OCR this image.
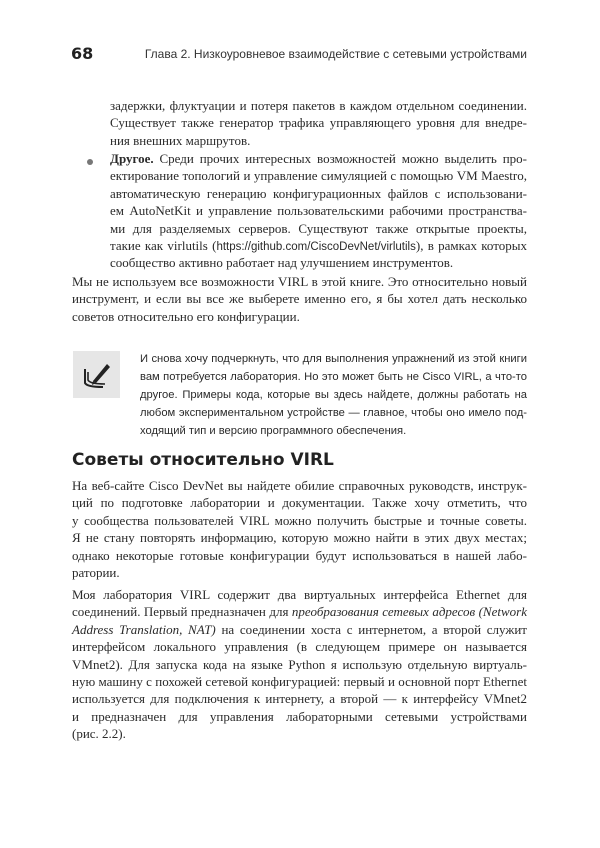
68	Глава 2. Низкоуровневое взаимодействие с сетевыми устройствами
задержки, флуктуации и потеря пакетов в каждом отдельном соединении.
Существует также генератор трафика управляющего уровня для внедре-
ния внешних маршрутов.
Другое. Среди прочих интересных возможностей можно выделить про-
ектирование топологий и управление симуляцией с помощью VM Maestro,
автоматическую генерацию конфигурационных файлов с использовани-
ем AutoNetKit и управление пользовательскими рабочими пространства-
ми для разделяемых серверов. Существуют также открытые проекты,
такие как virlutils (https://github.com/CiscoDevNet/virlutils), в рамках которых
сообщество активно работает над улучшением инструментов.
Мы не используем все возможности VIRL в этой книге. Это относительно новый
инструмент, и если вы все же выберете именно его, я бы хотел дать несколько
советов относительно его конфигурации.
И снова хочу подчеркнуть, что для выполнения упражнений из этой книги
вам потребуется лаборатория. Но это может быть не Cisco VIRL, а что-то
другое. Примеры кода, которые вы здесь найдете, должны работать на
любом экспериментальном устройстве — главное, чтобы оно имело под-
ходящий тип и версию программного обеспечения.
Советы относительно VIRL
На веб-сайте Cisco DevNet вы найдете обилие справочных руководств, инструк-
ций по подготовке лаборатории и документации. Также хочу отметить, что
у сообщества пользователей VIRL можно получить быстрые и точные советы.
Я не стану повторять информацию, которую можно найти в этих двух местах;
однако некоторые готовые конфигурации будут использоваться в нашей лабо-
ратории.
Моя лаборатория VIRL содержит два виртуальных интерфейса Ethernet для
соединений. Первый предназначен для преобразования сетевых адресов (Network
Address Translation, NAT) на соединении хоста с интернетом, а второй служит
интерфейсом локального управления (в следующем примере он называется
VMnet2). Для запуска кода на языке Python я использую отдельную виртуаль-
ную машину с похожей сетевой конфигурацией: первый и основной порт Ethernet
используется для подключения к интернету, а второй — к интерфейсу VMnet2
и предназначен для управления лабораторными сетевыми устройствами
(рис. 2.2).
